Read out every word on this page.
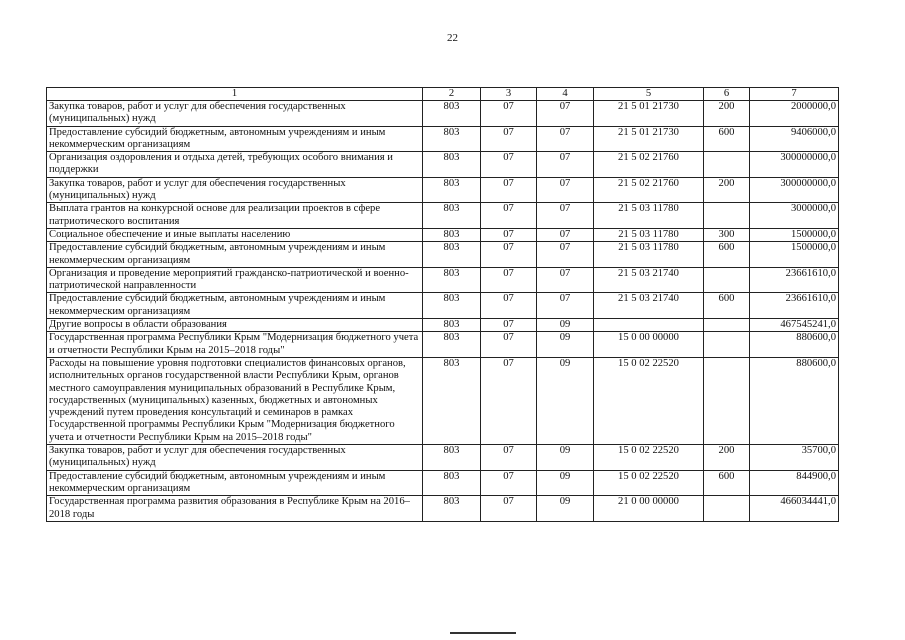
22
1	2	3	4	5	6	7
Закупка товаров, работ и услуг для обеспечения государственных (муниципальных) нужд	803	07	07	21 5 01 21730	200	2000000,0
Предоставление субсидий бюджетным, автономным учреждениям и иным некоммерческим организациям	803	07	07	21 5 01 21730	600	9406000,0
Организация оздоровления и отдыха детей, требующих особого внимания и поддержки	803	07	07	21 5 02 21760		300000000,0
Закупка товаров, работ и услуг для обеспечения государственных (муниципальных) нужд	803	07	07	21 5 02 21760	200	300000000,0
Выплата грантов на конкурсной основе для реализации проектов в сфере патриотического воспитания	803	07	07	21 5 03 11780		3000000,0
Социальное обеспечение и иные выплаты населению	803	07	07	21 5 03 11780	300	1500000,0
Предоставление субсидий бюджетным, автономным учреждениям и иным некоммерческим организациям	803	07	07	21 5 03 11780	600	1500000,0
Организация и проведение мероприятий гражданско-патриотической и военно-патриотической направленности	803	07	07	21 5 03 21740		23661610,0
Предоставление субсидий бюджетным, автономным учреждениям и иным некоммерческим организациям	803	07	07	21 5 03 21740	600	23661610,0
Другие вопросы в области образования	803	07	09			467545241,0
Государственная программа Республики Крым "Модернизация бюджетного учета и отчетности Республики Крым на 2015–2018 годы"	803	07	09	15 0 00 00000		880600,0
Расходы на повышение уровня подготовки специалистов финансовых органов, исполнительных органов государственной власти Республики Крым, органов местного самоуправления муниципальных образований в Республике Крым, государственных (муниципальных) казенных, бюджетных и автономных учреждений путем проведения консультаций и семинаров в рамках Государственной программы Республики Крым "Модернизация бюджетного учета и отчетности Республики Крым на 2015–2018 годы"	803	07	09	15 0 02 22520		880600,0
Закупка товаров, работ и услуг для обеспечения государственных (муниципальных) нужд	803	07	09	15 0 02 22520	200	35700,0
Предоставление субсидий бюджетным, автономным учреждениям и иным некоммерческим организациям	803	07	09	15 0 02 22520	600	844900,0
Государственная программа развития образования в Республике Крым на 2016–2018 годы	803	07	09	21 0 00 00000		466034441,0
